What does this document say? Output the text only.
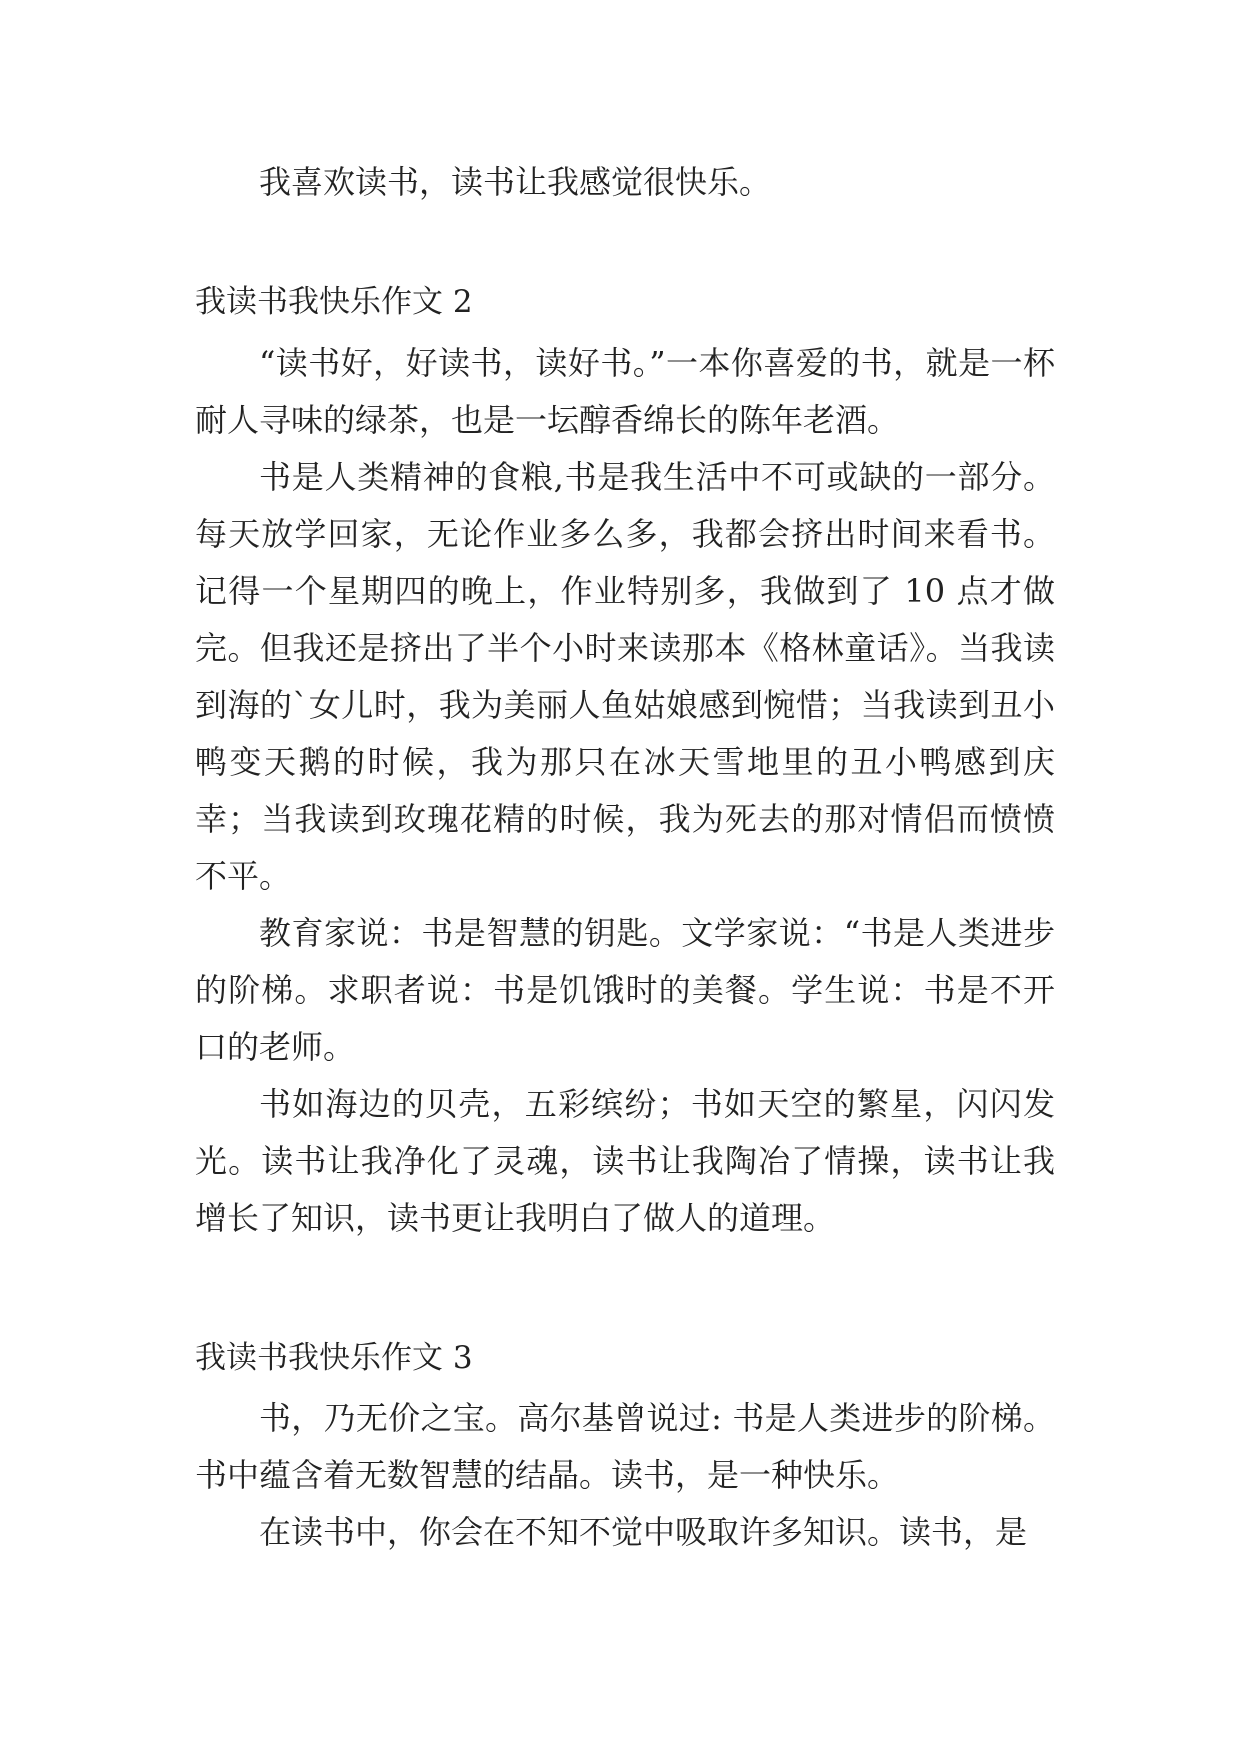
我喜欢读书，读书让我感觉很快乐。

我读书我快乐作文 2

“读书好，好读书，读好书。”一本你喜爱的书，就是一杯耐人寻味的绿茶，也是一坛醇香绵长的陈年老酒。

书是人类精神的食粮,书是我生活中不可或缺的一部分。每天放学回家，无论作业多么多，我都会挤出时间来看书。记得一个星期四的晚上，作业特别多，我做到了 10 点才做完。但我还是挤出了半个小时来读那本《格林童话》。当我读到海的`女儿时，我为美丽人鱼姑娘感到惋惜；当我读到丑小鸭变天鹅的时候，我为那只在冰天雪地里的丑小鸭感到庆幸；当我读到玫瑰花精的时候，我为死去的那对情侣而愤愤不平。

教育家说：书是智慧的钥匙。文学家说：“书是人类进步的阶梯。求职者说：书是饥饿时的美餐。学生说：书是不开口的老师。

书如海边的贝壳，五彩缤纷；书如天空的繁星，闪闪发光。读书让我净化了灵魂，读书让我陶冶了情操，读书让我增长了知识，读书更让我明白了做人的道理。

我读书我快乐作文 3

书，乃无价之宝。高尔基曾说过: 书是人类进步的阶梯。书中蕴含着无数智慧的结晶。读书，是一种快乐。

在读书中，你会在不知不觉中吸取许多知识。读书，是
